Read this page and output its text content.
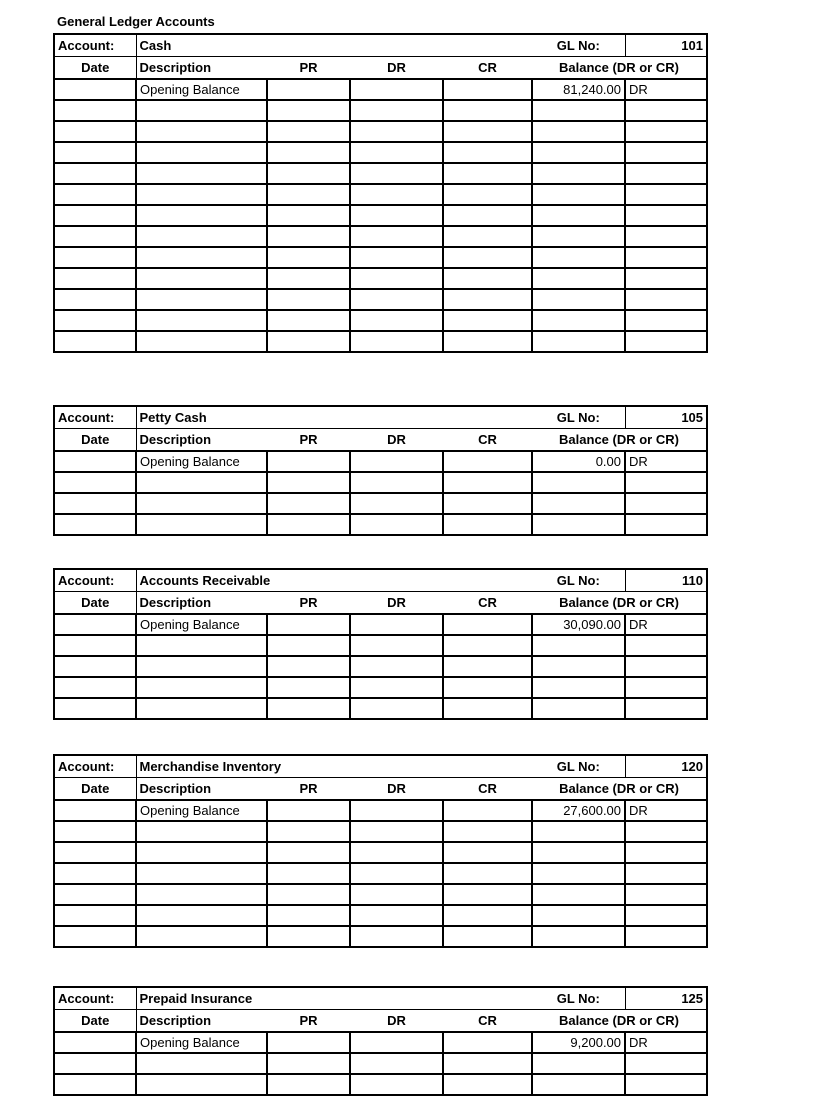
General Ledger Accounts
Account:	Cash				GL No:	101
Date	Description	PR	DR	CR	Balance (DR or CR)	
	Opening Balance				81,240.00	DR

Account:	Petty Cash				GL No:	105
Date	Description	PR	DR	CR	Balance (DR or CR)	
	Opening Balance				0.00	DR

Account:	Accounts Receivable				GL No:	110
Date	Description	PR	DR	CR	Balance (DR or CR)	
	Opening Balance				30,090.00	DR

Account:	Merchandise Inventory				GL No:	120
Date	Description	PR	DR	CR	Balance (DR or CR)	
	Opening Balance				27,600.00	DR

Account:	Prepaid Insurance				GL No:	125
Date	Description	PR	DR	CR	Balance (DR or CR)	
	Opening Balance				9,200.00	DR
